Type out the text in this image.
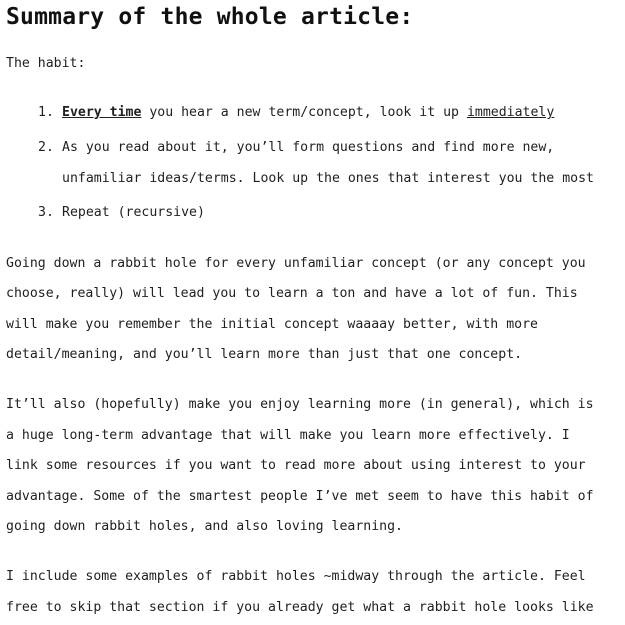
Summary of the whole article:
The habit:
1. Every time you hear a new term/concept, look it up immediately
2. As you read about it, you’ll form questions and find more new,
unfamiliar ideas/terms. Look up the ones that interest you the most
3. Repeat (recursive)
Going down a rabbit hole for every unfamiliar concept (or any concept you
choose, really) will lead you to learn a ton and have a lot of fun. This
will make you remember the initial concept waaaay better, with more
detail/meaning, and you’ll learn more than just that one concept.
It’ll also (hopefully) make you enjoy learning more (in general), which is
a huge long-term advantage that will make you learn more effectively. I
link some resources if you want to read more about using interest to your
advantage. Some of the smartest people I’ve met seem to have this habit of
going down rabbit holes, and also loving learning.
I include some examples of rabbit holes ~midway through the article. Feel
free to skip that section if you already get what a rabbit hole looks like
